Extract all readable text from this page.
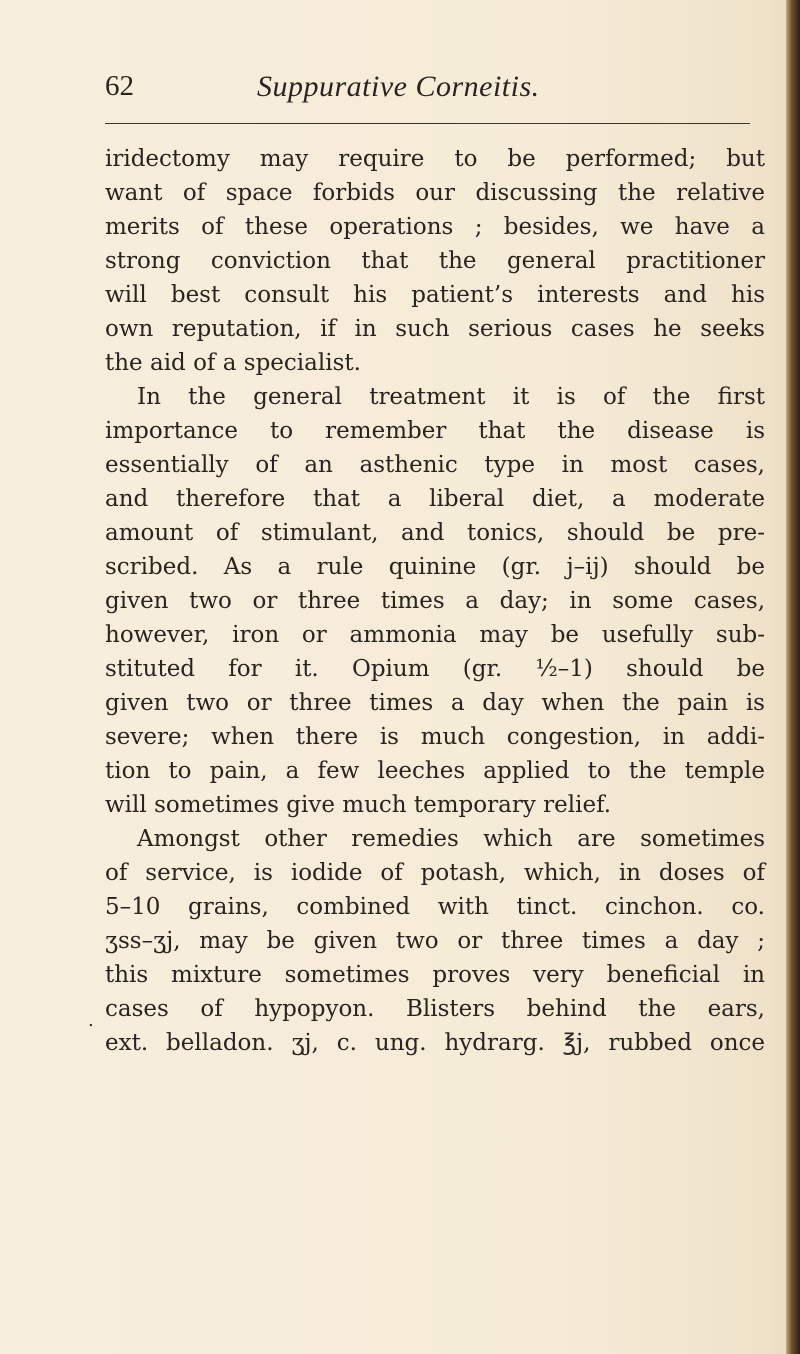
62	Suppurative Corneitis.
.
iridectomy may require to be performed; but
want of space forbids our discussing the relative
merits of these operations ; besides, we have a
strong conviction that the general practitioner
will best consult his patient’s interests and his
own reputation, if in such serious cases he seeks
the aid of a specialist.
In the general treatment it is of the first
importance to remember that the disease is
essentially of an asthenic type in most cases,
and therefore that a liberal diet, a moderate
amount of stimulant, and tonics, should be pre-
scribed. As a rule quinine (gr. j–ij) should be
given two or three times a day; in some cases,
however, iron or ammonia may be usefully sub-
stituted for it. Opium (gr. ½–1) should be
given two or three times a day when the pain is
severe; when there is much congestion, in addi-
tion to pain, a few leeches applied to the temple
will sometimes give much temporary relief.
Amongst other remedies which are sometimes
of service, is iodide of potash, which, in doses of
5–10 grains, combined with tinct. cinchon. co.
ʒss–ʒj, may be given two or three times a day ;
this mixture sometimes proves very beneficial in
cases of hypopyon. Blisters behind the ears,
ext. belladon. ʒj, c. ung. hydrarg. ℥j, rubbed once
